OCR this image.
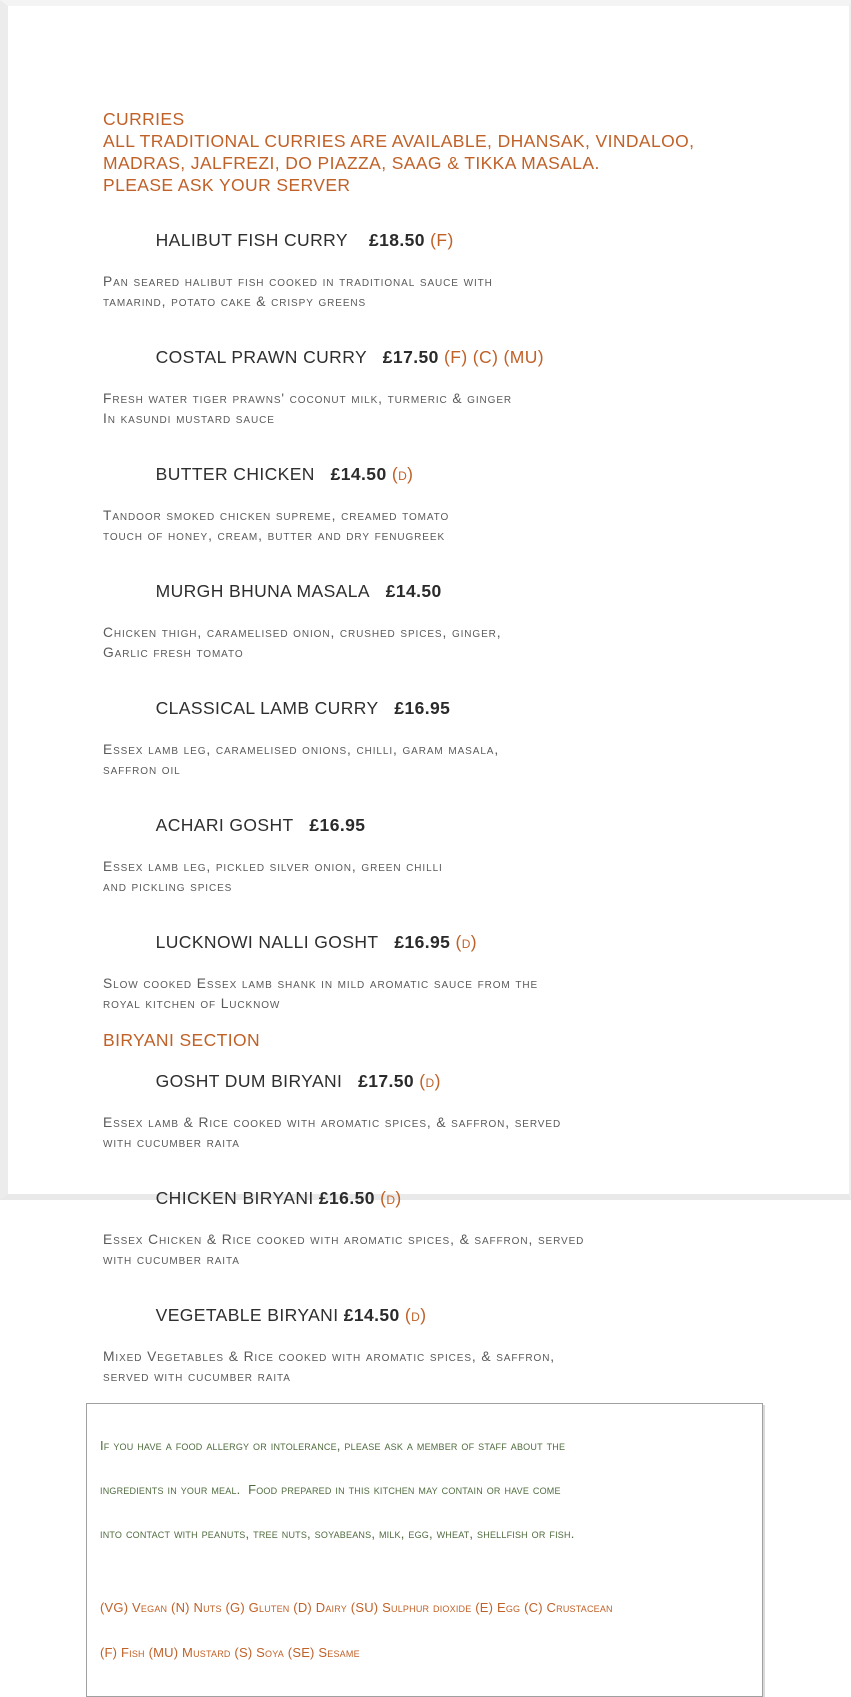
CURRIES
ALL TRADITIONAL CURRIES ARE AVAILABLE, DHANSAK, VINDALOO,
MADRAS, JALFREZI, DO PIAZZA, SAAG & TIKKA MASALA.
PLEASE ASK YOUR SERVER

HALIBUT FISH CURRY    £18.50 (F)

Pan seared halibut fish cooked in traditional sauce with
tamarind, potato cake & crispy greens

COSTAL PRAWN CURRY   £17.50 (F) (C) (MU)

Fresh water tiger prawns' coconut milk, turmeric & ginger
In kasundi mustard sauce

BUTTER CHICKEN   £14.50 (d)

Tandoor smoked chicken supreme, creamed tomato
touch of honey, cream, butter and dry fenugreek

MURGH BHUNA MASALA   £14.50

Chicken thigh, caramelised onion, crushed spices, ginger,
Garlic fresh tomato

CLASSICAL LAMB CURRY   £16.95

Essex lamb leg, caramelised onions, chilli, garam masala,
saffron oil

ACHARI GOSHT   £16.95

Essex lamb leg, pickled silver onion, green chilli
and pickling spices

LUCKNOWI NALLI GOSHT   £16.95 (d)

Slow cooked Essex lamb shank in mild aromatic sauce from the
royal kitchen of Lucknow
BIRYANI SECTION

GOSHT DUM BIRYANI   £17.50 (d)

Essex lamb & Rice cooked with aromatic spices, & saffron, served
with cucumber raita

CHICKEN BIRYANI £16.50 (d)

Essex Chicken & Rice cooked with aromatic spices, & saffron, served
with cucumber raita

VEGETABLE BIRYANI £14.50 (d)

Mixed Vegetables & Rice cooked with aromatic spices, & saffron,
served with cucumber raita

If you have a food allergy or intolerance, please ask a member of staff about the

ingredients in your meal.  Food prepared in this kitchen may contain or have come

into contact with peanuts, tree nuts, soyabeans, milk, egg, wheat, shellfish or fish.

(VG) Vegan (N) Nuts (G) Gluten (D) Dairy (SU) Sulphur dioxide (E) Egg (C) Crustacean

(F) Fish (MU) Mustard (S) Soya (SE) Sesame
